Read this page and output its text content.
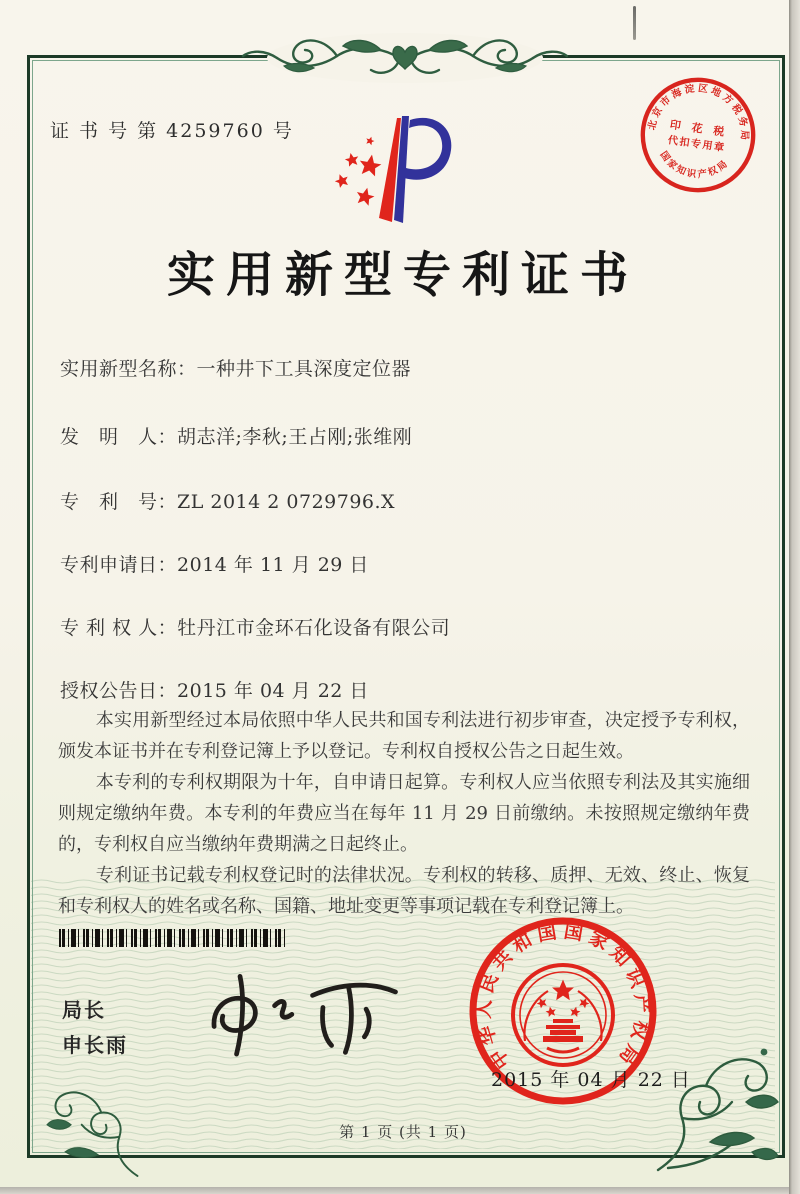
证 书 号 第 4259760 号	北京市海淀区地方税务局
国家知识产权局
印 花 税
代扣专用章
实用新型专利证书
实用新型名称：一种井下工具深度定位器
发　明　人：胡志洋;李秋;王占刚;张维刚
专　利　号：ZL 2014 2 0729796.X
专利申请日：2014 年 11 月 29 日
专 利 权 人：牡丹江市金环石化设备有限公司
授权公告日：2015 年 04 月 22 日

本实用新型经过本局依照中华人民共和国专利法进行初步审查，决定授予专利权，颁发本证书并在专利登记簿上予以登记。专利权自授权公告之日起生效。

本专利的专利权期限为十年，自申请日起算。专利权人应当依照专利法及其实施细则规定缴纳年费。本专利的年费应当在每年 11 月 29 日前缴纳。未按照规定缴纳年费的，专利权自应当缴纳年费期满之日起终止。

专利证书记载专利权登记时的法律状况。专利权的转移、质押、无效、终止、恢复和专利权人的姓名或名称、国籍、地址变更等事项记载在专利登记簿上。

局长
申长雨	中华人民共和国国家知识产权局
2015 年 04 月 22 日
第 1 页 (共 1 页)
